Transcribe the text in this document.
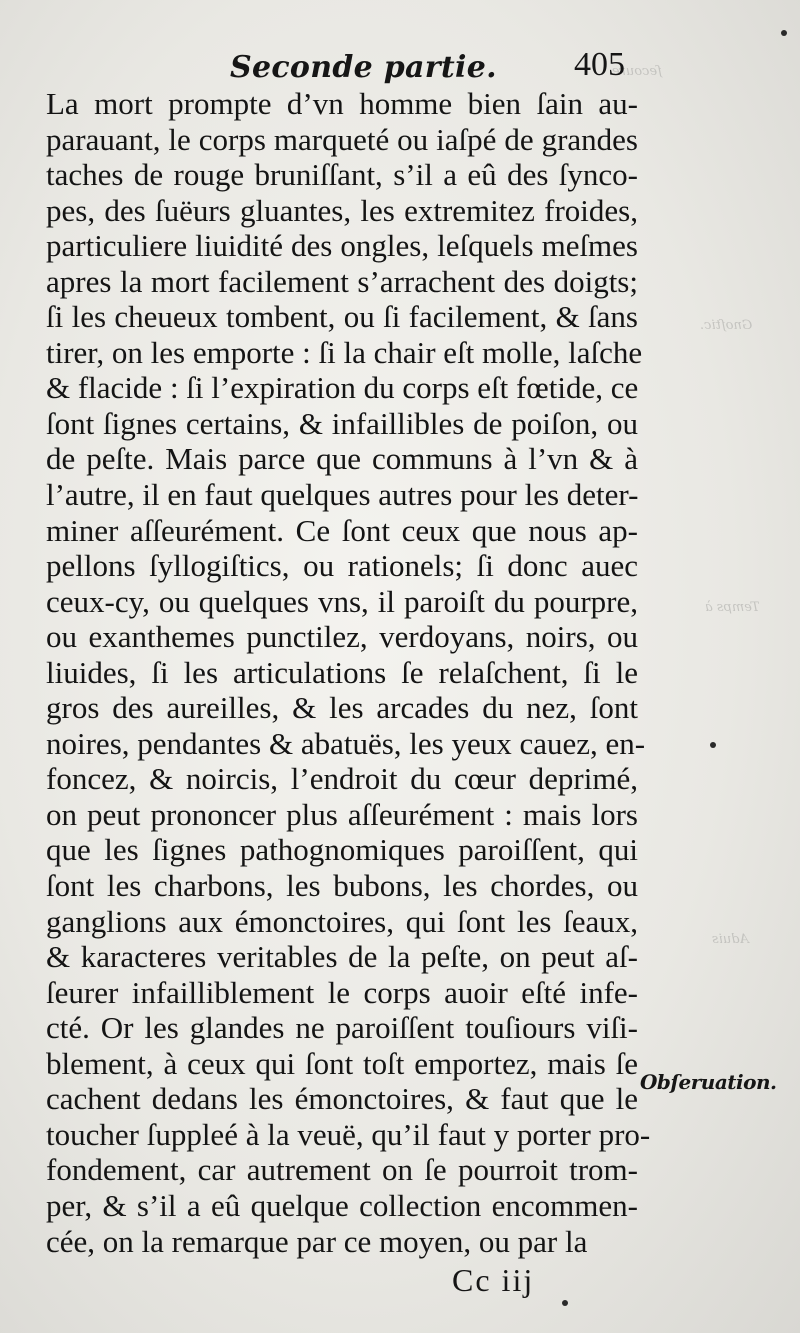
ſecoure
Gnoſtic.
Temps à
Aduis
Seconde partie. 405
La mort prompte d’vn homme bien ſain au-
parauant, le corps marqueté ou iaſpé de grandes
taches de rouge bruniſſant, s’il a eû des ſynco-
pes, des ſuëurs gluantes, les extremitez froides,
particuliere liuidité des ongles, leſquels meſmes
apres la mort facilement s’arrachent des doigts;
ſi les cheueux tombent, ou ſi facilement, & ſans
tirer, on les emporte : ſi la chair eſt molle, laſche
& flacide : ſi l’expiration du corps eſt fœtide, ce
ſont ſignes certains, & infaillibles de poiſon, ou
de peſte. Mais parce que communs à l’vn & à
l’autre, il en faut quelques autres pour les deter-
miner aſſeurément. Ce ſont ceux que nous ap-
pellons ſyllogiſtics, ou rationels; ſi donc auec
ceux-cy, ou quelques vns, il paroiſt du pourpre,
ou exanthemes punctilez, verdoyans, noirs, ou
liuides, ſi les articulations ſe relaſchent, ſi le
gros des aureilles, & les arcades du nez, ſont
noires, pendantes & abatuës, les yeux cauez, en-
foncez, & noircis, l’endroit du cœur deprimé,
on peut prononcer plus aſſeurément : mais lors
que les ſignes pathognomiques paroiſſent, qui
ſont les charbons, les bubons, les chordes, ou
ganglions aux émonctoires, qui ſont les ſeaux,
& karacteres veritables de la peſte, on peut aſ-
ſeurer infailliblement le corps auoir eſté infe-
cté. Or les glandes ne paroiſſent touſiours viſi-
blement, à ceux qui ſont toſt emportez, mais ſe
cachent dedans les émonctoires, & faut que le
toucher ſuppleé à la veuë, qu’il faut y porter pro-
fondement, car autrement on ſe pourroit trom-
per, & s’il a eû quelque collection encommen-
cée, on la remarque par ce moyen, ou par la
Obſeruation.
Cc iij
